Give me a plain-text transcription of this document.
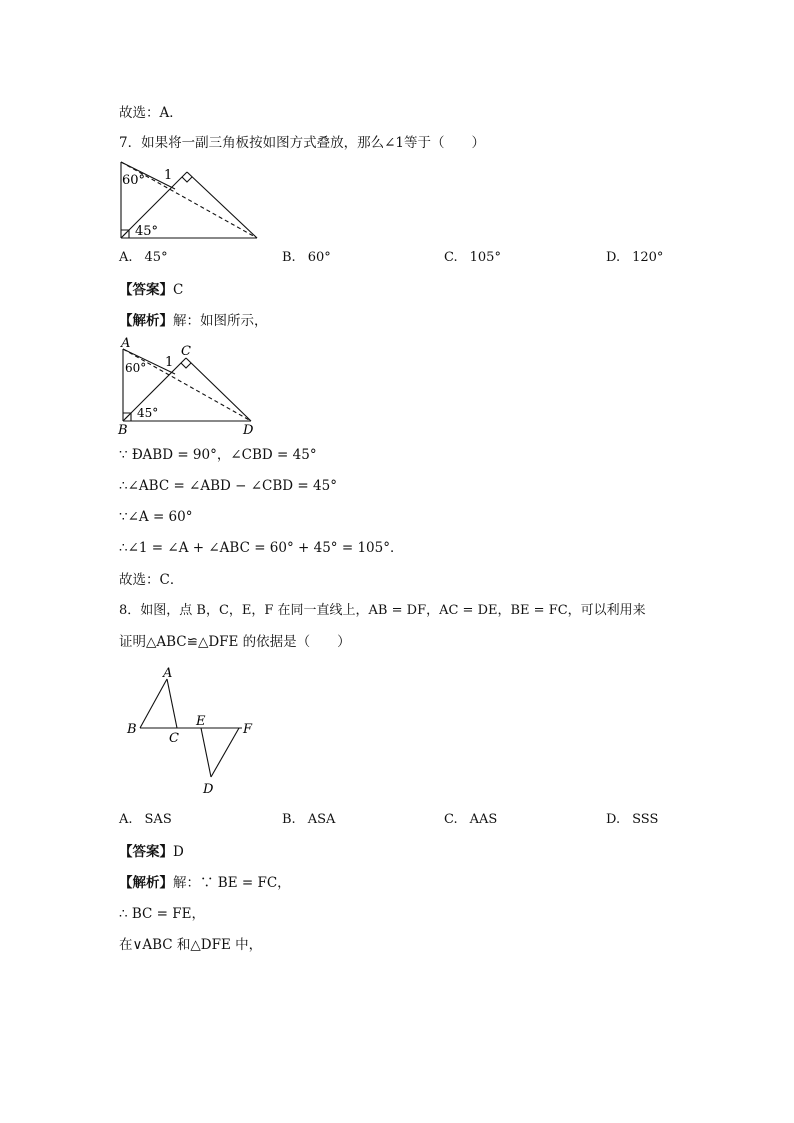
故选：A．
7．如果将一副三角板按如图方式叠放，那么∠1等于（　　）
60°
45°
1
A. 45°	B. 60°	C. 105°	D. 120°
【答案】C
【解析】解：如图所示，
A
B
C
D
1
60°
45°
∵ ÐABD = 90°，∠CBD = 45°
∴∠ABC = ∠ABD − ∠CBD = 45°
∵∠A = 60°
∴∠1 = ∠A + ∠ABC = 60° + 45° = 105°．
故选：C．
8．如图，点 B，C，E，F 在同一直线上，AB = DF，AC = DE，BE = FC，可以利用来
证明△ABC≌△DFE 的依据是（　　）
A
B
C
E
F
D
A. SAS	B. ASA	C. AAS	D. SSS
【答案】D
【解析】解：∵ BE = FC，
∴ BC = FE，
在∨ABC 和△DFE 中，
